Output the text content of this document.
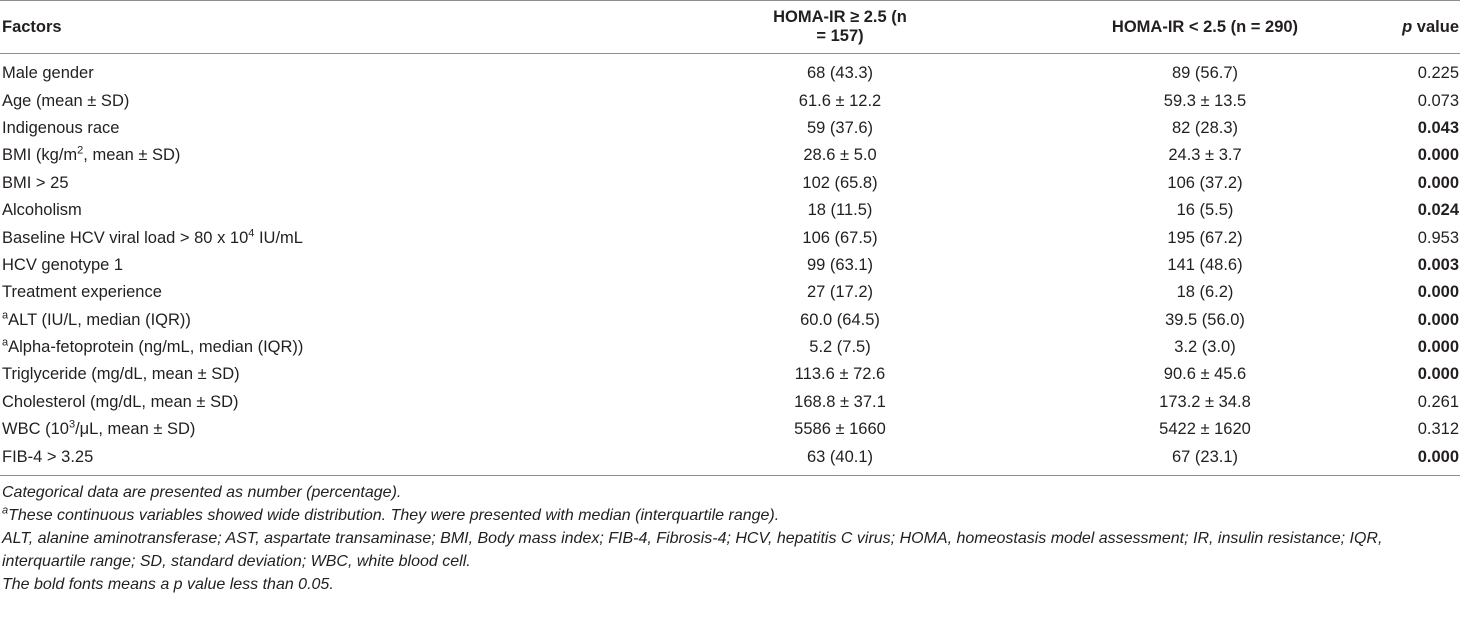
Factors	HOMA-IR ≥ 2.5 (n = 157)	HOMA-IR < 2.5 (n = 290)	p value
Male gender	68 (43.3)	89 (56.7)	0.225
Age (mean ± SD)	61.6 ± 12.2	59.3 ± 13.5	0.073
Indigenous race	59 (37.6)	82 (28.3)	0.043
BMI ($kg/m^2$, mean ± SD)	28.6 ± 5.0	24.3 ± 3.7	0.000
BMI > 25	102 (65.8)	106 (37.2)	0.000
Alcoholism	18 (11.5)	16 (5.5)	0.024
Baseline HCV viral load > 80 x $10^4$ IU/mL	106 (67.5)	195 (67.2)	0.953
HCV genotype 1	99 (63.1)	141 (48.6)	0.003
Treatment experience	27 (17.2)	18 (6.2)	0.000
$^a$ALT (IU/L, median (IQR))	60.0 (64.5)	39.5 (56.0)	0.000
$^a$Alpha-fetoprotein (ng/mL, median (IQR))	5.2 (7.5)	3.2 (3.0)	0.000
Triglyceride (mg/dL, mean ± SD)	113.6 ± 72.6	90.6 ± 45.6	0.000
Cholesterol (mg/dL, mean ± SD)	168.8 ± 37.1	173.2 ± 34.8	0.261
WBC ($10^3/\mu L$, mean ± SD)	5586 ± 1660	5422 ± 1620	0.312
FIB-4 > 3.25	63 (40.1)	67 (23.1)	0.000
Categorical data are presented as number (percentage).
$^a$These continuous variables showed wide distribution. They were presented with median (interquartile range).
ALT, alanine aminotransferase; AST, aspartate transaminase; BMI, Body mass index; FIB-4, Fibrosis-4; HCV, hepatitis C virus; HOMA, homeostasis model assessment; IR, insulin resistance; IQR, interquartile range; SD, standard deviation; WBC, white blood cell.
The bold fonts means a p value less than 0.05.
